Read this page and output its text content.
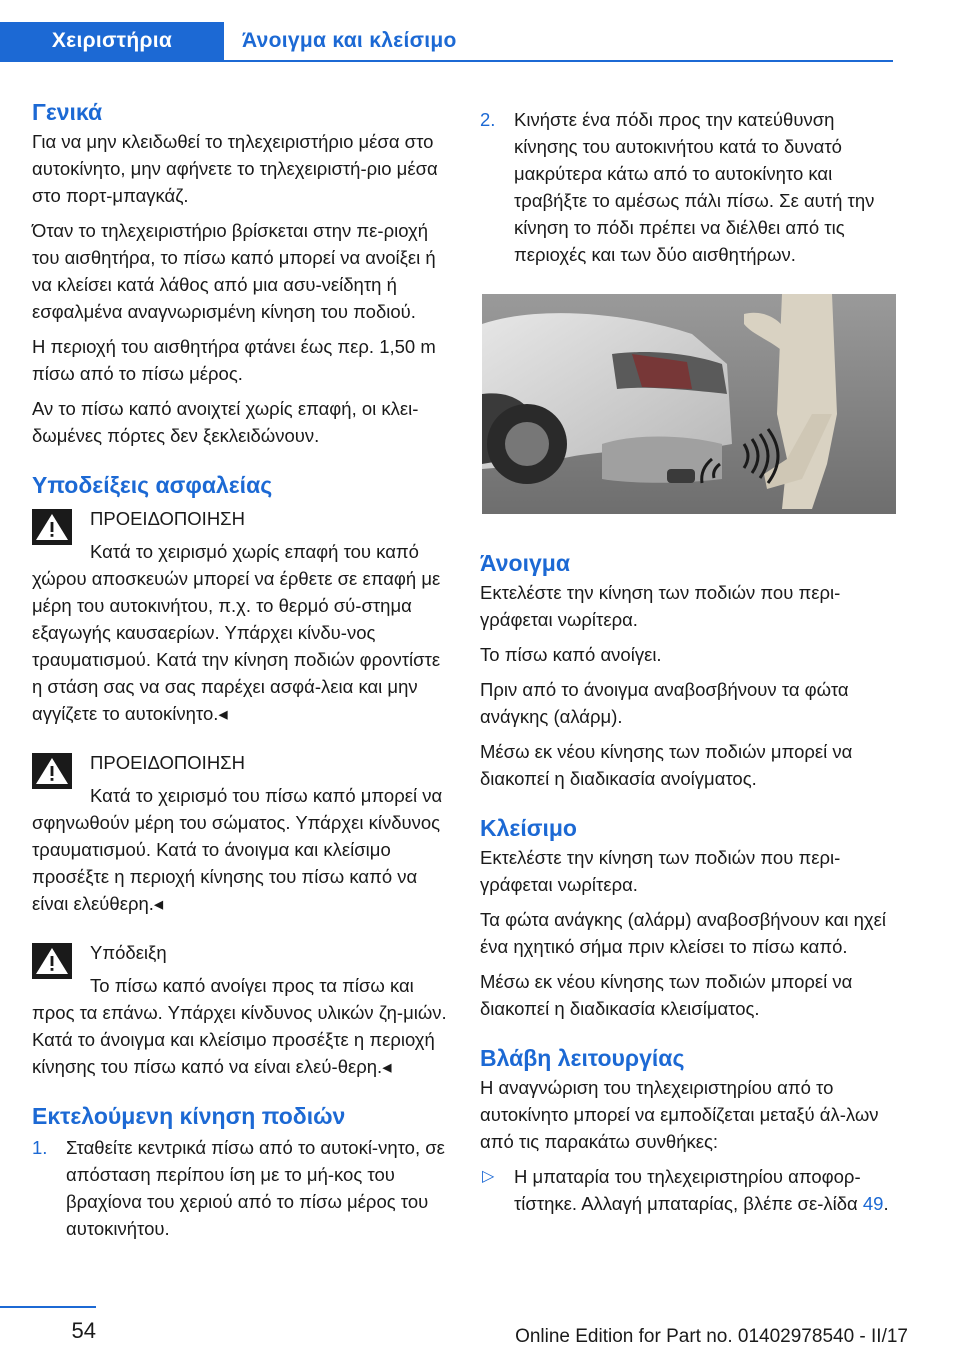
Χειριστήρια	Άνοιγμα και κλείσιμο
Γενικά

Για να μην κλειδωθεί το τηλεχειριστήριο μέσα στο αυτοκίνητο, μην αφήνετε το τηλεχειριστή-ριο μέσα στο πορτ-μπαγκάζ.

Όταν το τηλεχειριστήριο βρίσκεται στην πε-ριοχή του αισθητήρα, το πίσω καπό μπορεί να ανοίξει ή να κλείσει κατά λάθος από μια ασυ-νείδητη ή εσφαλμένα αναγνωρισμένη κίνηση του ποδιού.

Η περιοχή του αισθητήρα φτάνει έως περ. 1,50 m πίσω από το πίσω μέρος.

Αν το πίσω καπό ανοιχτεί χωρίς επαφή, οι κλει-δωμένες πόρτες δεν ξεκλειδώνουν.

Υποδείξεις ασφαλείας
ΠΡΟΕΙΔΟΠΟΙΗΣΗ

Κατά το χειρισμό χωρίς επαφή του καπό χώρου αποσκευών μπορεί να έρθετε σε επαφή με μέρη του αυτοκινήτου, π.χ. το θερμό σύ-στημα εξαγωγής καυσαερίων. Υπάρχει κίνδυ-νος τραυματισμού. Κατά την κίνηση ποδιών φροντίστε η στάση σας να σας παρέχει ασφά-λεια και μην αγγίζετε το αυτοκίνητο.◂

ΠΡΟΕΙΔΟΠΟΙΗΣΗ

Κατά το χειρισμό του πίσω καπό μπορεί να σφηνωθούν μέρη του σώματος. Υπάρχει κίνδυνος τραυματισμού. Κατά το άνοιγμα και κλείσιμο προσέξτε η περιοχή κίνησης του πίσω καπό να είναι ελεύθερη.◂

Υπόδειξη

Το πίσω καπό ανοίγει προς τα πίσω και προς τα επάνω. Υπάρχει κίνδυνος υλικών ζη-μιών. Κατά το άνοιγμα και κλείσιμο προσέξτε η περιοχή κίνησης του πίσω καπό να είναι ελεύ-θερη.◂

Εκτελούμενη κίνηση ποδιών
1. Σταθείτε κεντρικά πίσω από το αυτοκί-νητο, σε απόσταση περίπου ίση με το μή-κος του βραχίονα του χεριού από το πίσω μέρος του αυτοκινήτου.
2. Κινήστε ένα πόδι προς την κατεύθυνση κίνησης του αυτοκινήτου κατά το δυνατό μακρύτερα κάτω από το αυτοκίνητο και τραβήξτε το αμέσως πάλι πίσω. Σε αυτή την κίνηση το πόδι πρέπει να διέλθει από τις περιοχές και των δύο αισθητήρων.
Άνοιγμα

Εκτελέστε την κίνηση των ποδιών που περι-γράφεται νωρίτερα.

Το πίσω καπό ανοίγει.

Πριν από το άνοιγμα αναβοσβήνουν τα φώτα ανάγκης (αλάρμ).

Μέσω εκ νέου κίνησης των ποδιών μπορεί να διακοπεί η διαδικασία ανοίγματος.

Κλείσιμο

Εκτελέστε την κίνηση των ποδιών που περι-γράφεται νωρίτερα.

Τα φώτα ανάγκης (αλάρμ) αναβοσβήνουν και ηχεί ένα ηχητικό σήμα πριν κλείσει το πίσω καπό.

Μέσω εκ νέου κίνησης των ποδιών μπορεί να διακοπεί η διαδικασία κλεισίματος.

Βλάβη λειτουργίας

Η αναγνώριση του τηλεχειριστηρίου από το αυτοκίνητο μπορεί να εμποδίζεται μεταξύ άλ-λων από τις παρακάτω συνθήκες:

▷ Η μπαταρία του τηλεχειριστηρίου αποφορ-τίστηκε. Αλλαγή μπαταρίας, βλέπε σε-λίδα 49.
54	Online Edition for Part no. 01402978540 - II/17
